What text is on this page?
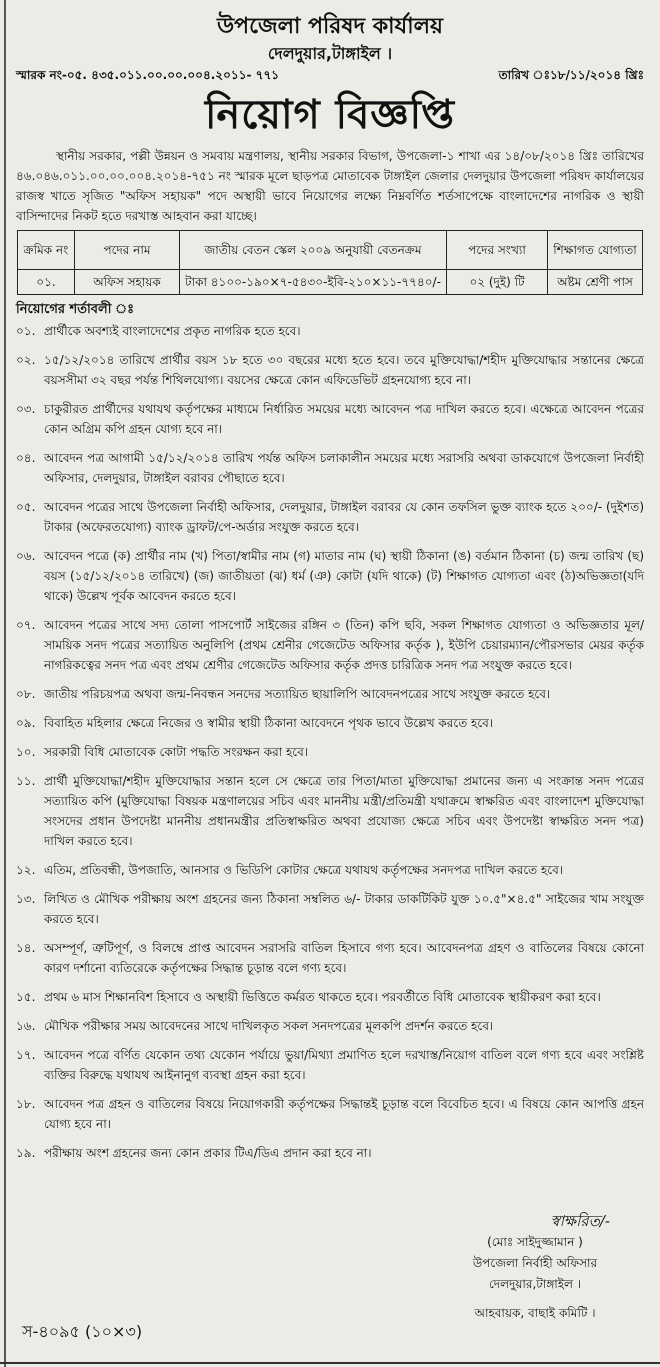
উপজেলা পরিষদ কার্যালয়
দেলদুয়ার,টাঙ্গাইল ।
স্মারক নং-০৫. ৪৩৫.০১১.০০.০০.০০৪.২০১১- ৭৭১	তারিখ ঃ১৮/১১/২০১৪ খ্রিঃ
নিয়োগ বিজ্ঞপ্তি
স্থানীয় সরকার, পল্লী উন্নয়ন ও সমবায় মন্ত্রণালয়, স্থানীয় সরকার বিভাগ, উপজেলা-১ শাখা এর ১৪/০৮/২০১৪ খ্রিঃ তারিখের ৪৬.০৪৬.০১১.০০.০০.০০৪.২০১৪-৭৫১ নং স্মারক মূলে ছাড়পত্র মোতাবেক টাঙ্গাইল জেলার দেলদুয়ার উপজেলা পরিষদ কার্যালয়ের রাজস্ব খাতে সৃজিত "অফিস সহায়ক" পদে অস্থায়ী ভাবে নিয়োগের লক্ষ্যে নিম্নবর্ণিত শর্তসাপেক্ষে বাংলাদেশের নাগরিক ও স্থায়ী বাসিন্দাদের নিকট হতে দরখাস্ত আহবান করা যাচ্ছে।
ক্রমিক নং	পদের নাম	জাতীয় বেতন স্কেল ২০০৯ অনুযায়ী বেতনক্রম	পদের সংখ্যা	শিক্ষাগত যোগ্যতা
০১.	অফিস সহায়ক	টাকা ৪১০০-১৯০×৭-৫৪৩০-ইবি-২১০×১১-৭৭৪০/-	০২ (দুই) টি	অষ্টম শ্রেণী পাস
নিয়োগের শর্তাবলী ঃ
০১. প্রার্থীকে অবশ্যই বাংলাদেশের প্রকৃত নাগরিক হতে হবে।
০২. ১৫/১২/২০১৪ তারিখে প্রার্থীর বয়স ১৮ হতে ৩০ বছরের মধ্যে হতে হবে। তবে মুক্তিযোদ্ধা/শহীদ মুক্তিযোদ্ধার সন্তানের ক্ষেত্রে বয়সসীমা ৩২ বছর পর্যন্ত শিথিলযোগ্য। বয়সের ক্ষেত্রে কোন এফিডেভিট গ্রহনযোগ্য হবে না।
০৩. চাকুরীরত প্রার্থীদের যথাযথ কর্তৃপক্ষের মাধ্যমে নির্ধারিত সময়ের মধ্যে আবেদন পত্র দাখিল করতে হবে। এক্ষেত্রে আবেদন পত্রের কোন অগ্রিম কপি গ্রহন যোগ্য হবে না।
০৪. আবেদন পত্র আগামী ১৫/১২/২০১৪ তারিখ পর্যন্ত অফিস চলাকালীন সময়ের মধ্যে সরাসরি অথবা ডাকযোগে উপজেলা নির্বাহী অফিসার, দেলদুয়ার, টাঙ্গাইল বরাবর পৌছাতে হবে।
০৫. আবেদন পত্রের সাথে উপজেলা নির্বাহী অফিসার, দেলদুয়ার, টাঙ্গাইল বরাবর যে কোন তফসিল ভুক্ত ব্যাংক হতে ২০০/- (দুইশত) টাকার (অফেরতযোগ্য) ব্যাংক ড্রাফট/পে-অর্ডার সংযুক্ত করতে হবে।
০৬. আবেদন পত্রে (ক) প্রার্থীর নাম (খ) পিতা/স্বামীর নাম (গ) মাতার নাম (ঘ) স্থায়ী ঠিকানা (ঙ) বর্তমান ঠিকানা (চ) জন্ম তারিখ (ছ) বয়স (১৫/১২/২০১৪ তারিখে) (জ) জাতীয়তা (ঝ) ধর্ম (ঞ) কোটা (যদি থাকে) (ট) শিক্ষাগত যোগ্যতা এবং (ঠ)অভিজ্ঞতা(যদি থাকে) উল্লেখ পূর্বক আবেদন করতে হবে।
০৭. আবেদন পত্রের সাথে সদ্য তোলা পাসপোর্ট সাইজের রঙ্গিন ৩ (তিন) কপি ছবি, সকল শিক্ষাগত যোগ্যতা ও অভিজ্ঞতার মূল/সাময়িক সনদ পত্রের সত্যায়িত অনুলিপি (প্রথম শ্রেনীর গেজেটেড অফিসার কর্তৃক ), ইউপি চেয়ারম্যান/পৌরসভার মেয়র কর্তৃক নাগরিকত্বের সনদ পত্র এবং প্রথম শ্রেণীর গেজেটেড অফিসার কর্তৃক প্রদত্ত চারিত্রিক সনদ পত্র সংযুক্ত করতে হবে।
০৮. জাতীয় পরিচয়পত্র অথবা জন্ম-নিবন্ধন সনদের সত্যায়িত ছায়ালিপি আবেদনপত্রের সাথে সংযুক্ত করতে হবে।
০৯. বিবাহিত মহিলার ক্ষেত্রে নিজের ও স্বামীর স্থায়ী ঠিকানা আবেদনে পৃথক ভাবে উল্লেখ করতে হবে।
১০. সরকারী বিধি মোতাবেক কোটা পদ্ধতি সংরক্ষন করা হবে।
১১. প্রার্থী মুক্তিযোদ্ধা/শহীদ মুক্তিযোদ্ধার সন্তান হলে সে ক্ষেত্রে তার পিতা/মাতা মুক্তিযোদ্ধা প্রমানের জন্য এ সংক্রান্ত সনদ পত্রের সত্যায়িত কপি (মুক্তিযোদ্ধা বিষয়ক মন্ত্রণালয়ের সচিব এবং মাননীয় মন্ত্রী/প্রতিমন্ত্রী যথাক্রমে স্বাক্ষরিত এবং বাংলাদেশ মুক্তিযোদ্ধা সংসদের প্রধান উপদেষ্টা মাননীয় প্রধানমন্ত্রীর প্রতিস্বাক্ষরিত অথবা প্রযোজ্য ক্ষেত্রে সচিব এবং উপদেষ্টা স্বাক্ষরিত সনদ পত্র) দাখিল করতে হবে।
১২. এতিম, প্রতিবন্ধী, উপজাতি, আনসার ও ভিডিপি কোটার ক্ষেত্রে যথাযথ কর্তৃপক্ষের সনদপত্র দাখিল করতে হবে।
১৩. লিখিত ও মৌখিক পরীক্ষায় অংশ গ্রহনের জন্য ঠিকানা সম্বলিত ৬/- টাকার ডাকটিকিট যুক্ত ১০.৫"×৪.৫" সাইজের খাম সংযুক্ত করতে হবে।
১৪. অসম্পূর্ণ, ত্রুটিপূর্ণ, ও বিলম্বে প্রাপ্ত আবেদন সরাসরি বাতিল হিসাবে গণ্য হবে। আবেদনপত্র গ্রহণ ও বাতিলের বিষয়ে কোনো কারণ দর্শানো ব্যতিরেকে কর্তৃপক্ষের সিদ্ধান্ত চূড়ান্ত বলে গণ্য হবে।
১৫. প্রথম ৬ মাস শিক্ষানবিশ হিসাবে ও অস্থায়ী ভিত্তিতে কর্মরত থাকতে হবে। পরবর্তীতে বিধি মোতাবেক স্থায়ীকরণ করা হবে।
১৬. মৌখিক পরীক্ষার সময় আবেদনের সাথে দাখিলকৃত সকল সনদপত্রের মূলকপি প্রদর্শন করতে হবে।
১৭. আবেদন পত্রে বর্ণিত যেকোন তথ্য যেকোন পর্যায়ে ভুয়া/মিথ্যা প্রমাণিত হলে দরখাস্ত/নিয়োগ বাতিল বলে গণ্য হবে এবং সংশ্লিষ্ট ব্যক্তির বিরুদ্ধে যথাযথ আইনানুগ ব্যবস্থা গ্রহন করা হবে।
১৮. আবেদন পত্র গ্রহন ও বাতিলের বিষয়ে নিয়োগকারী কর্তৃপক্ষের সিদ্ধান্তই চূড়ান্ত বলে বিবেচিত হবে। এ বিষয়ে কোন আপত্তি গ্রহন যোগ্য হবে না।
১৯. পরীক্ষায় অংশ গ্রহনের জন্য কোন প্রকার টিএ/ডিএ প্রদান করা হবে না।
স্বাক্ষরিত/-
(মোঃ সাইদুজ্জামান )
উপজেলা নির্বাহী অফিসার
দেলদুয়ার,টাঙ্গাইল ।
আহবায়ক, বাছাই কমিটি ।
স-৪০৯৫ (১০×৩)
